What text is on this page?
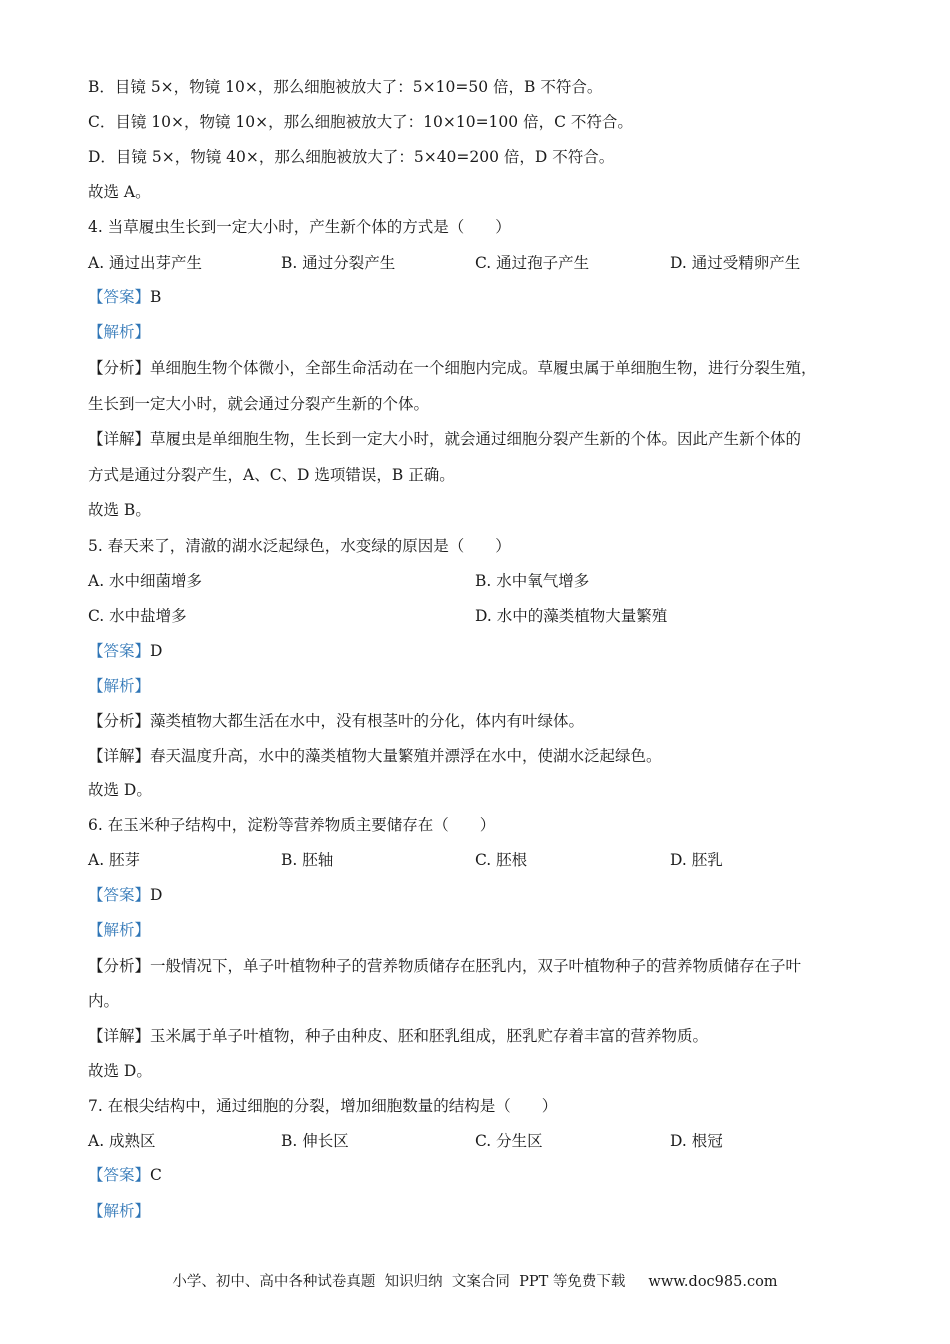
B．目镜 5×，物镜 10×，那么细胞被放大了：5×10=50 倍，B 不符合。
C．目镜 10×，物镜 10×，那么细胞被放大了：10×10=100 倍，C 不符合。
D．目镜 5×，物镜 40×，那么细胞被放大了：5×40=200 倍，D 不符合。
故选 A。
4. 当草履虫生长到一定大小时，产生新个体的方式是（　　）
A. 通过出芽产生	B. 通过分裂产生	C. 通过孢子产生	D. 通过受精卵产生
【答案】B
【解析】
【分析】单细胞生物个体微小，全部生命活动在一个细胞内完成。草履虫属于单细胞生物，进行分裂生殖，
生长到一定大小时，就会通过分裂产生新的个体。
【详解】草履虫是单细胞生物，生长到一定大小时，就会通过细胞分裂产生新的个体。因此产生新个体的
方式是通过分裂产生，A、C、D 选项错误，B 正确。
故选 B。
5. 春天来了，清澈的湖水泛起绿色，水变绿的原因是（　　）
A. 水中细菌增多	B. 水中氧气增多
C. 水中盐增多	D. 水中的藻类植物大量繁殖
【答案】D
【解析】
【分析】藻类植物大都生活在水中，没有根茎叶的分化，体内有叶绿体。
【详解】春天温度升高，水中的藻类植物大量繁殖并漂浮在水中，使湖水泛起绿色。
故选 D。
6. 在玉米种子结构中，淀粉等营养物质主要储存在（　　）
A. 胚芽	B. 胚轴	C. 胚根	D. 胚乳
【答案】D
【解析】
【分析】一般情况下，单子叶植物种子的营养物质储存在胚乳内，双子叶植物种子的营养物质储存在子叶
内。
【详解】玉米属于单子叶植物，种子由种皮、胚和胚乳组成，胚乳贮存着丰富的营养物质。
故选 D。
7. 在根尖结构中，通过细胞的分裂，增加细胞数量的结构是（　　）
A. 成熟区	B. 伸长区	C. 分生区	D. 根冠
【答案】C
【解析】
小学、初中、高中各种试卷真题  知识归纳  文案合同  PPT 等免费下载     www.doc985.com
